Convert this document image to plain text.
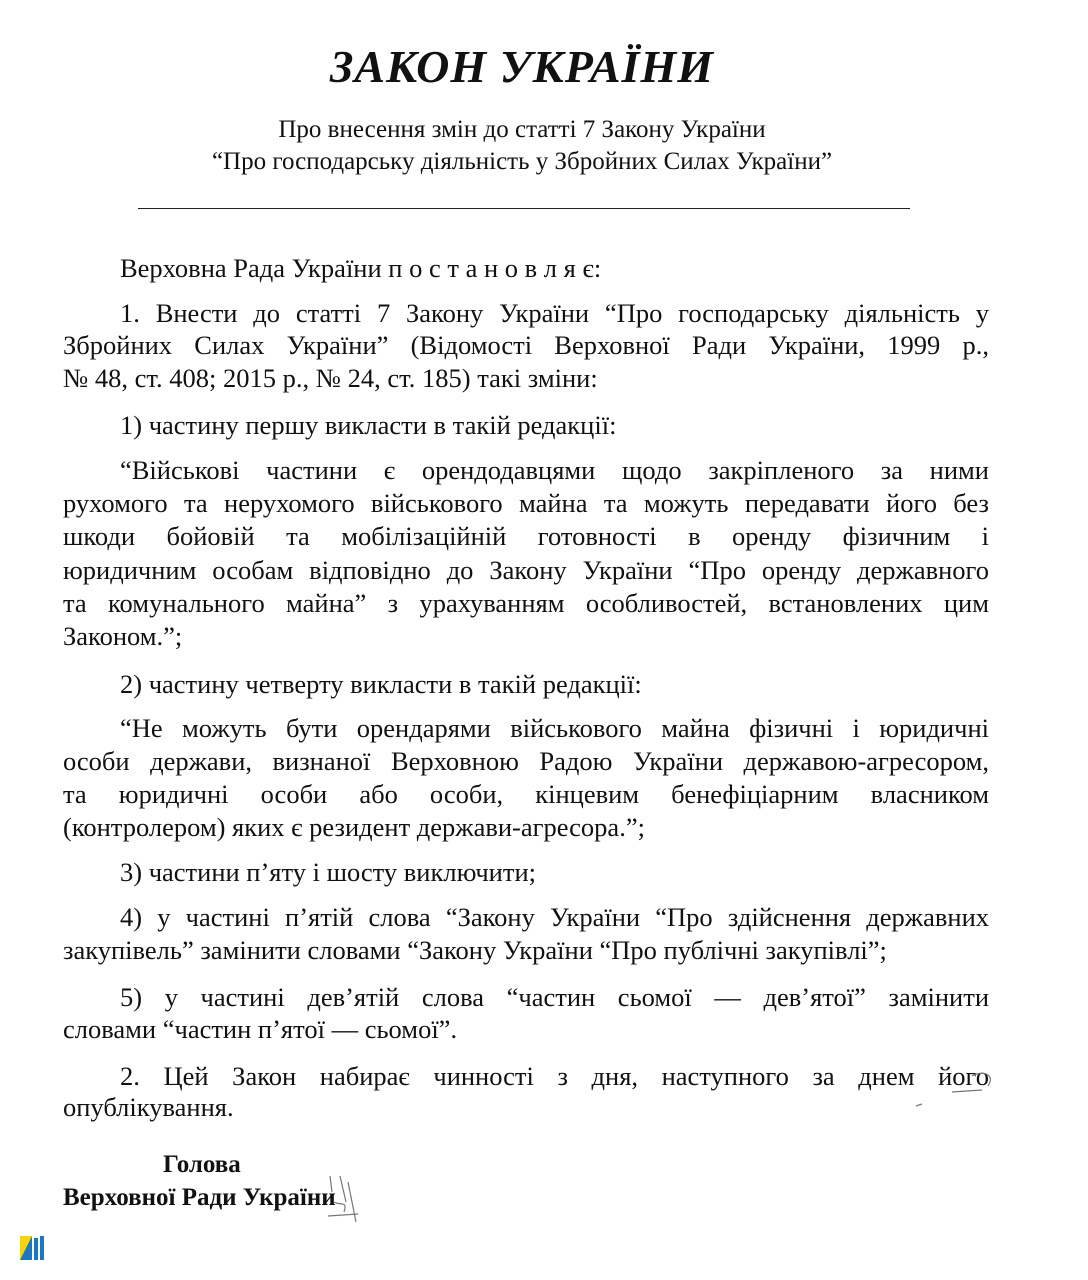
ЗАКОН УКРАЇНИ
Про внесення змін до статті 7 Закону України
“Про господарську діяльність у Збройних Силах України”
Верховна Рада України п о с т а н о в л я є:
1. Внести до статті 7 Закону України “Про господарську діяльність у
Збройних Силах України” (Відомості Верховної Ради України, 1999 р.,
№ 48, ст. 408; 2015 р., № 24, ст. 185) такі зміни:
1) частину першу викласти в такій редакції:
“Військові частини є орендодавцями щодо закріпленого за ними
рухомого та нерухомого військового майна та можуть передавати його без
шкоди бойовій та мобілізаційній готовності в оренду фізичним і
юридичним особам відповідно до Закону України “Про оренду державного
та комунального майна” з урахуванням особливостей, встановлених цим
Законом.”;
2) частину четверту викласти в такій редакції:
“Не можуть бути орендарями військового майна фізичні і юридичні
особи держави, визнаної Верховною Радою України державою-агресором,
та юридичні особи або особи, кінцевим бенефіціарним власником
(контролером) яких є резидент держави-агресора.”;
3) частини п’яту і шосту виключити;
4) у частині п’ятій слова “Закону України “Про здійснення державних
закупівель” замінити словами “Закону України “Про публічні закупівлі”;
5) у частині дев’ятій слова “частин сьомої — дев’ятої” замінити
словами “частин п’ятої — сьомої”.
2. Цей Закон набирає чинності з дня, наступного за днем його
опублікування.
Голова
Верховної Ради України
